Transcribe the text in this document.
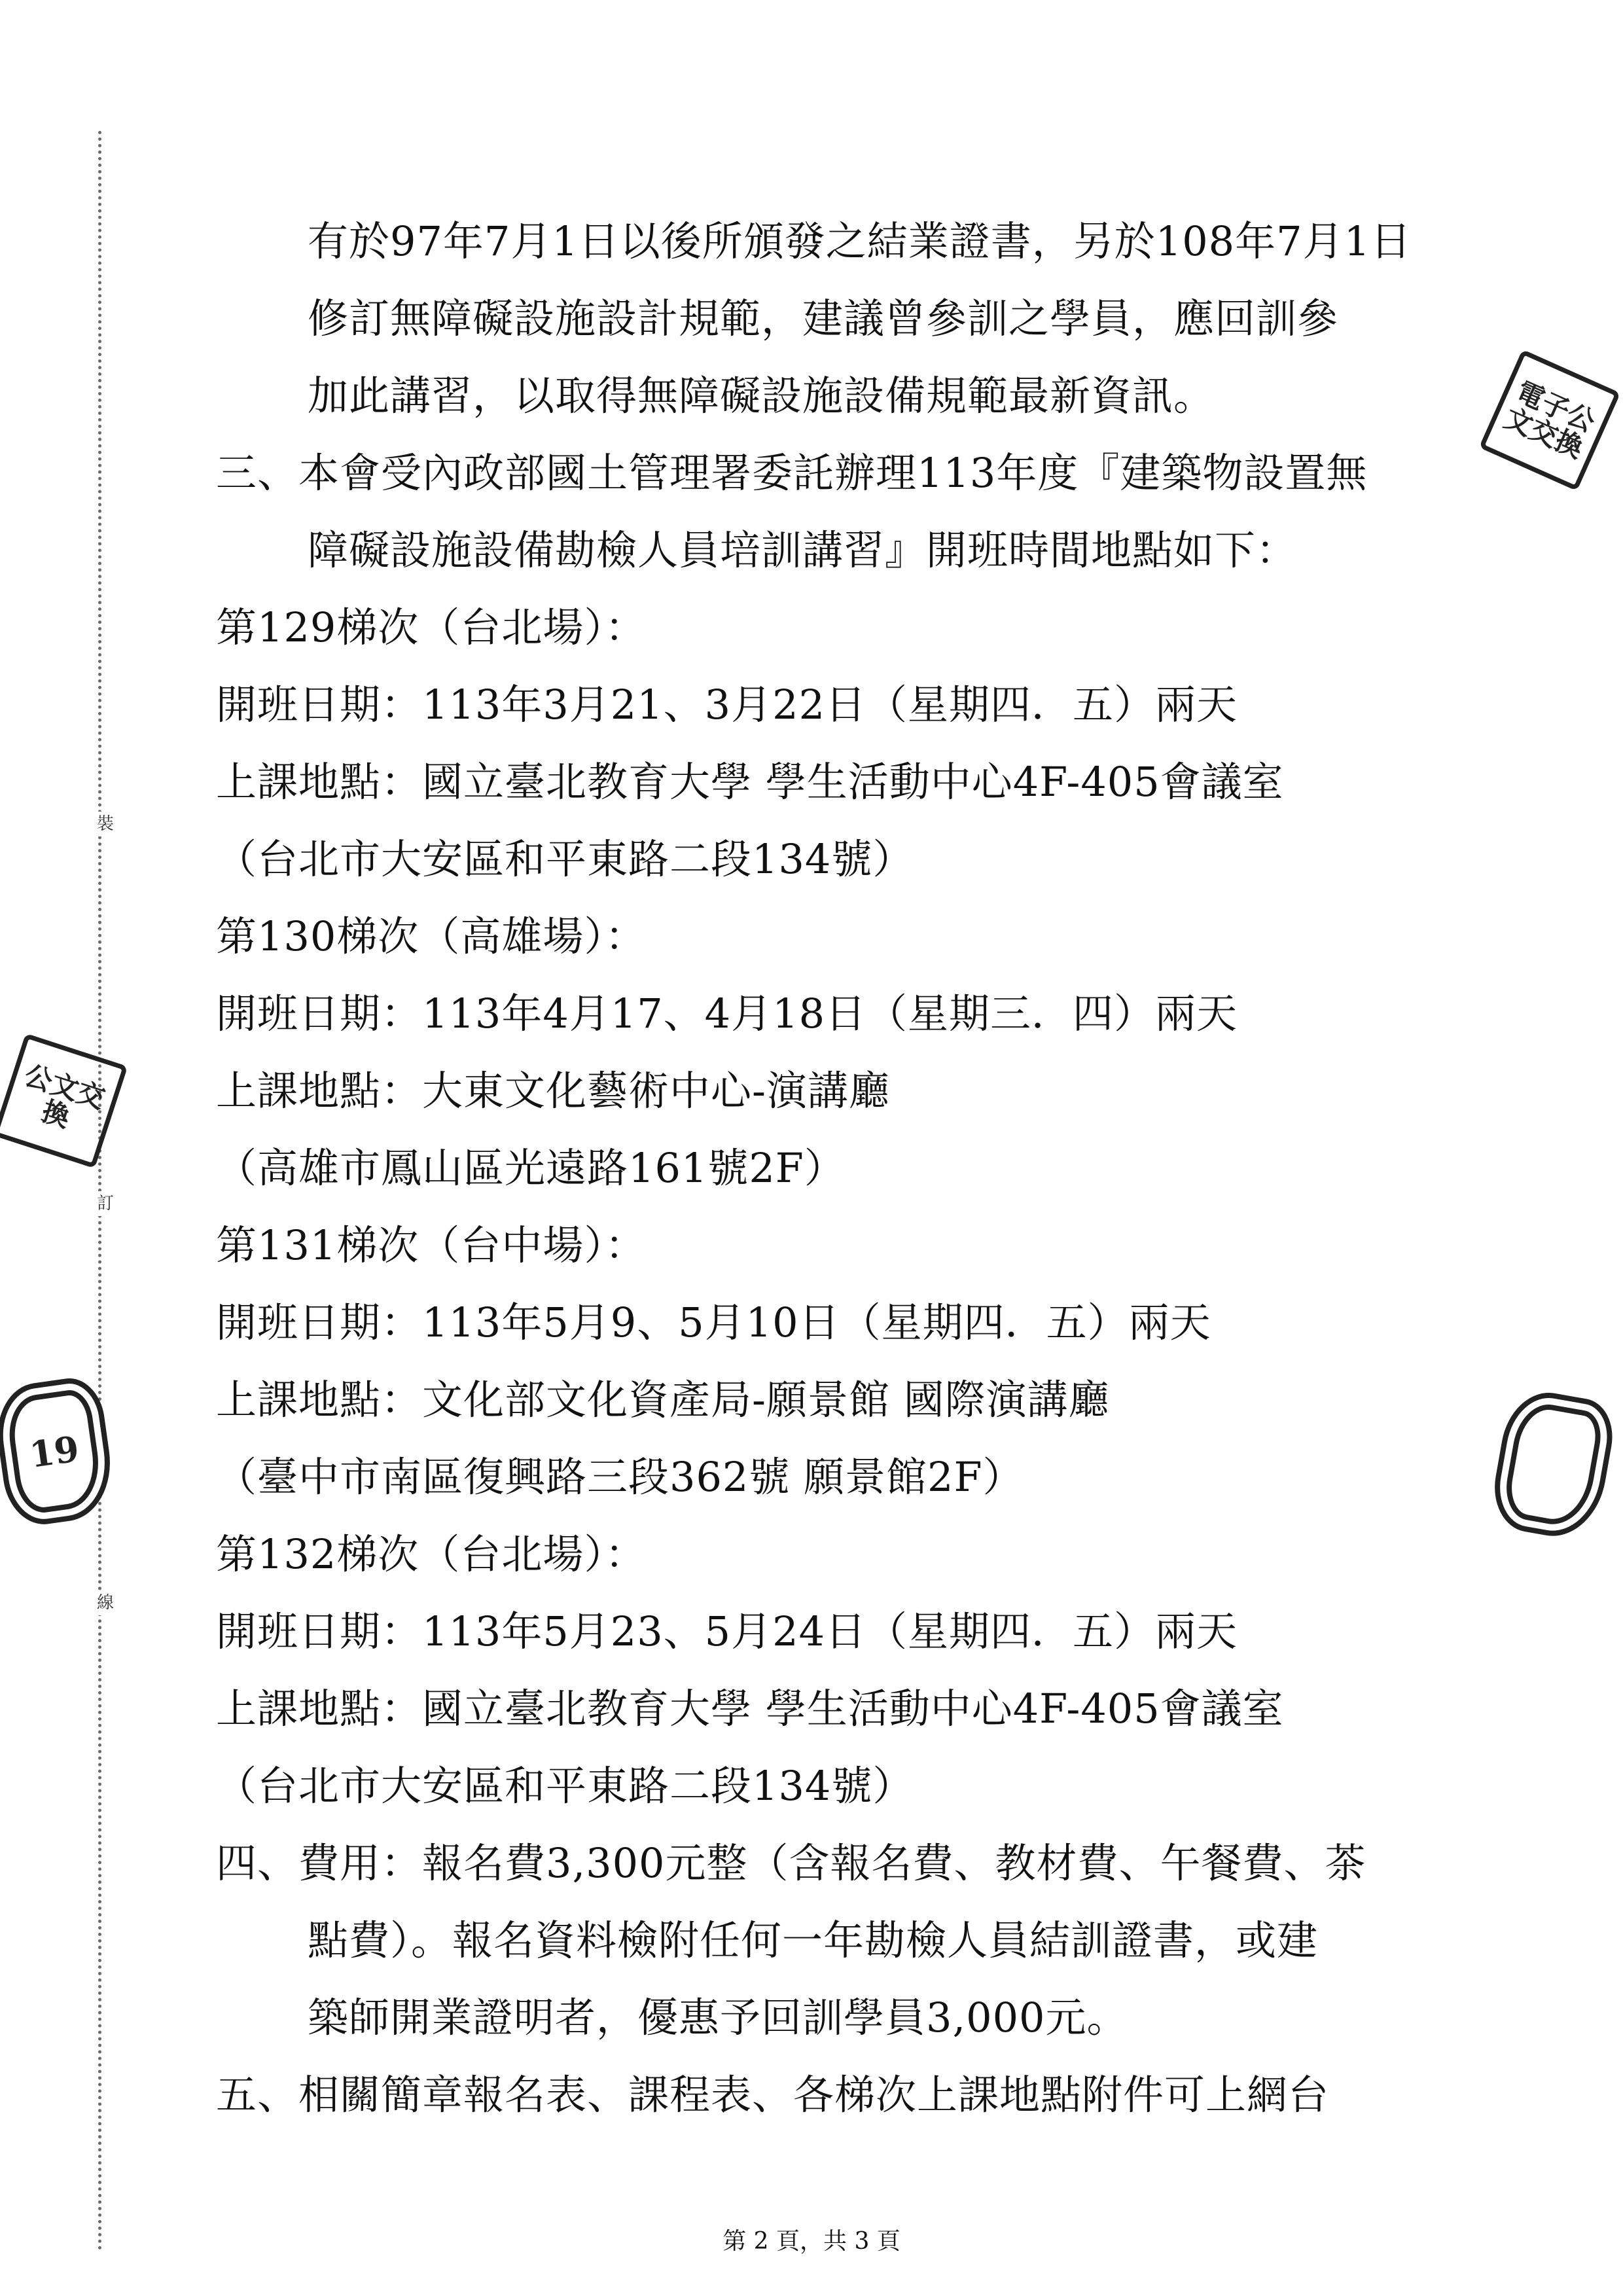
裝
訂
線
有於97年7月1日以後所頒發之結業證書，另於108年7月1日
修訂無障礙設施設計規範，建議曾參訓之學員，應回訓參
加此講習，以取得無障礙設施設備規範最新資訊。
三、本會受內政部國土管理署委託辦理113年度『建築物設置無
障礙設施設備勘檢人員培訓講習』開班時間地點如下：
第129梯次（台北場）：
開班日期：113年3月21、3月22日（星期四．五）兩天
上課地點：國立臺北教育大學 學生活動中心4F-405會議室
（台北市大安區和平東路二段134號）
第130梯次（高雄場）：
開班日期：113年4月17、4月18日（星期三．四）兩天
上課地點：大東文化藝術中心-演講廳
（高雄市鳳山區光遠路161號2F）
第131梯次（台中場）：
開班日期：113年5月9、5月10日（星期四．五）兩天
上課地點：文化部文化資產局-願景館 國際演講廳
（臺中市南區復興路三段362號 願景館2F）
第132梯次（台北場）：
開班日期：113年5月23、5月24日（星期四．五）兩天
上課地點：國立臺北教育大學 學生活動中心4F-405會議室
（台北市大安區和平東路二段134號）
四、費用：報名費3,300元整（含報名費、教材費、午餐費、茶
點費）。報名資料檢附任何一年勘檢人員結訓證書，或建
築師開業證明者，優惠予回訓學員3,000元。
五、相關簡章報名表、課程表、各梯次上課地點附件可上網台
第 2 頁，共 3 頁
電子公文交換
公文交換
19
